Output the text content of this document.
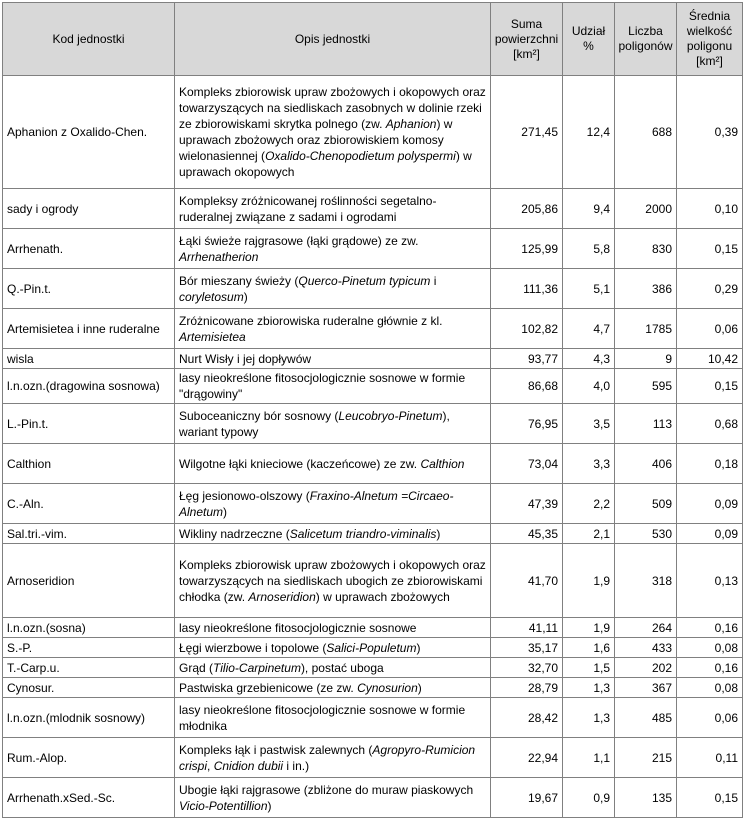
Kod jednostki	Opis jednostki	Suma powierzchni [km²]	Udział %	Liczba poligonów	Średnia wielkość poligonu [km²]
Aphanion z Oxalido-Chen.	Kompleks zbiorowisk upraw zbożowych i okopowych oraz towarzyszących na siedliskach zasobnych w dolinie rzeki ze zbiorowiskami skrytka polnego (zw. Aphanion) w uprawach zbożowych oraz zbiorowiskiem komosy wielonasiennej (Oxalido-Chenopodietum polyspermi) w uprawach okopowych	271,45	12,4	688	0,39
sady i ogrody	Kompleksy zróżnicowanej roślinności segetalno-ruderalnej związane z sadami i ogrodami	205,86	9,4	2000	0,10
Arrhenath.	Łąki świeże rajgrasowe (łąki grądowe) ze zw. Arrhenatherion	125,99	5,8	830	0,15
Q.-Pin.t.	Bór mieszany świeży (Querco-Pinetum typicum i coryletosum)	111,36	5,1	386	0,29
Artemisietea i inne ruderalne	Zróżnicowane zbiorowiska ruderalne głównie z kl. Artemisietea	102,82	4,7	1785	0,06
wisla	Nurt Wisły i jej dopływów	93,77	4,3	9	10,42
l.n.ozn.(dragowina sosnowa)	lasy nieokreślone fitosocjologicznie sosnowe w formie "drągowiny"	86,68	4,0	595	0,15
L.-Pin.t.	Suboceaniczny bór sosnowy (Leucobryo-Pinetum), wariant typowy	76,95	3,5	113	0,68
Calthion	Wilgotne łąki knieciowe (kaczeńcowe) ze zw. Calthion	73,04	3,3	406	0,18
C.-Aln.	Łęg jesionowo-olszowy (Fraxino-Alnetum =Circaeo-Alnetum)	47,39	2,2	509	0,09
Sal.tri.-vim.	Wikliny nadrzeczne (Salicetum triandro-viminalis)	45,35	2,1	530	0,09
Arnoseridion	Kompleks zbiorowisk upraw zbożowych i okopowych oraz towarzyszących na siedliskach ubogich ze zbiorowiskami chłodka (zw. Arnoseridion) w uprawach zbożowych	41,70	1,9	318	0,13
l.n.ozn.(sosna)	lasy nieokreślone fitosocjologicznie sosnowe	41,11	1,9	264	0,16
S.-P.	Łęgi wierzbowe i topolowe (Salici-Populetum)	35,17	1,6	433	0,08
T.-Carp.u.	Grąd (Tilio-Carpinetum), postać uboga	32,70	1,5	202	0,16
Cynosur.	Pastwiska grzebienicowe (ze zw. Cynosurion)	28,79	1,3	367	0,08
l.n.ozn.(mlodnik sosnowy)	lasy nieokreślone fitosocjologicznie sosnowe w formie młodnika	28,42	1,3	485	0,06
Rum.-Alop.	Kompleks łąk i pastwisk zalewnych (Agropyro-Rumicion crispi, Cnidion dubii i in.)	22,94	1,1	215	0,11
Arrhenath.xSed.-Sc.	Ubogie łąki rajgrasowe (zbliżone do muraw piaskowych Vicio-Potentillion)	19,67	0,9	135	0,15
